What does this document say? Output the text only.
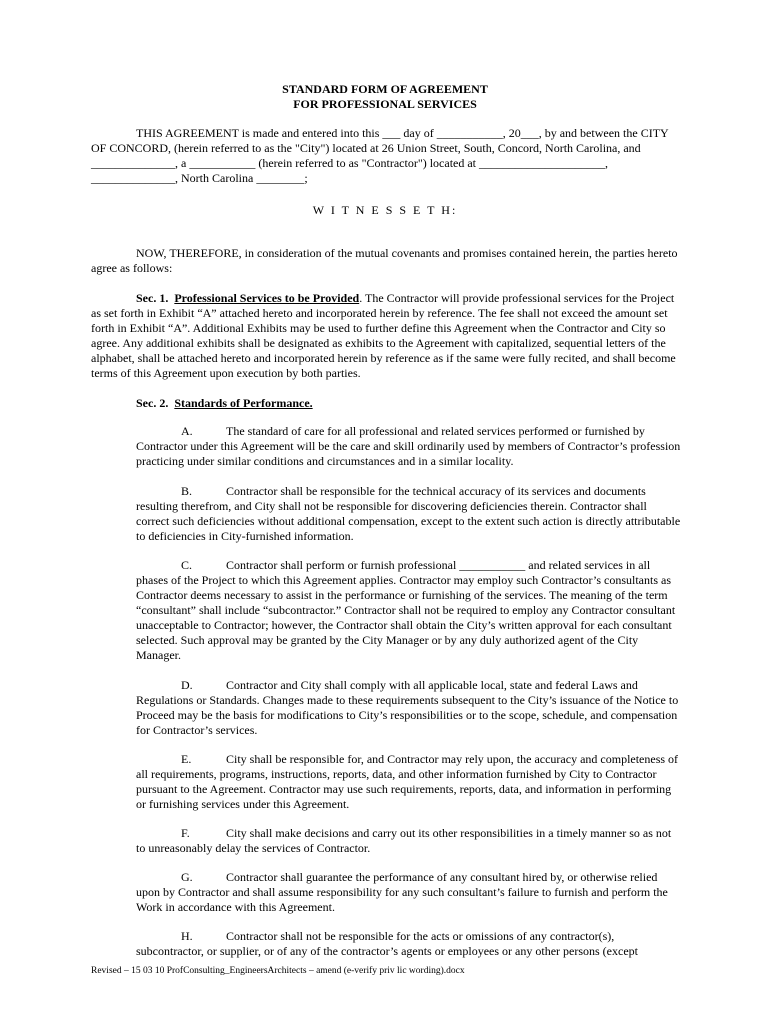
STANDARD FORM OF AGREEMENT
FOR PROFESSIONAL SERVICES

THIS AGREEMENT is made and entered into this ___ day of ___________, 20___, by and between the CITY OF CONCORD, (herein referred to as the "City") located at 26 Union Street, South, Concord, North Carolina, and ______________, a ___________ (herein referred to as "Contractor") located at _____________________, ______________, North Carolina ________;

W I T N E S S E T H:

NOW, THEREFORE, in consideration of the mutual covenants and promises contained herein, the parties hereto agree as follows:

Sec. 1. Professional Services to be Provided. The Contractor will provide professional services for the Project as set forth in Exhibit “A” attached hereto and incorporated herein by reference. The fee shall not exceed the amount set forth in Exhibit “A”. Additional Exhibits may be used to further define this Agreement when the Contractor and City so agree. Any additional exhibits shall be designated as exhibits to the Agreement with capitalized, sequential letters of the alphabet, shall be attached hereto and incorporated herein by reference as if the same were fully recited, and shall become terms of this Agreement upon execution by both parties.

Sec. 2. Standards of Performance.

A.	The standard of care for all professional and related services performed or furnished by Contractor under this Agreement will be the care and skill ordinarily used by members of Contractor’s profession practicing under similar conditions and circumstances and in a similar locality.

B.	Contractor shall be responsible for the technical accuracy of its services and documents resulting therefrom, and City shall not be responsible for discovering deficiencies therein. Contractor shall correct such deficiencies without additional compensation, except to the extent such action is directly attributable to deficiencies in City-furnished information.

C.	Contractor shall perform or furnish professional ___________ and related services in all phases of the Project to which this Agreement applies. Contractor may employ such Contractor’s consultants as Contractor deems necessary to assist in the performance or furnishing of the services. The meaning of the term “consultant” shall include “subcontractor.” Contractor shall not be required to employ any Contractor consultant unacceptable to Contractor; however, the Contractor shall obtain the City’s written approval for each consultant selected. Such approval may be granted by the City Manager or by any duly authorized agent of the City Manager.

D.	Contractor and City shall comply with all applicable local, state and federal Laws and Regulations or Standards. Changes made to these requirements subsequent to the City’s issuance of the Notice to Proceed may be the basis for modifications to City’s responsibilities or to the scope, schedule, and compensation for Contractor’s services.

E.	City shall be responsible for, and Contractor may rely upon, the accuracy and completeness of all requirements, programs, instructions, reports, data, and other information furnished by City to Contractor pursuant to the Agreement. Contractor may use such requirements, reports, data, and information in performing or furnishing services under this Agreement.

F.	City shall make decisions and carry out its other responsibilities in a timely manner so as not to unreasonably delay the services of Contractor.

G.	Contractor shall guarantee the performance of any consultant hired by, or otherwise relied upon by Contractor and shall assume responsibility for any such consultant’s failure to furnish and perform the Work in accordance with this Agreement.

H.	Contractor shall not be responsible for the acts or omissions of any contractor(s), subcontractor, or supplier, or of any of the contractor’s agents or employees or any other persons (except

Revised – 15 03 10 ProfConsulting_EngineersArchitects – amend (e-verify priv lic wording).docx
